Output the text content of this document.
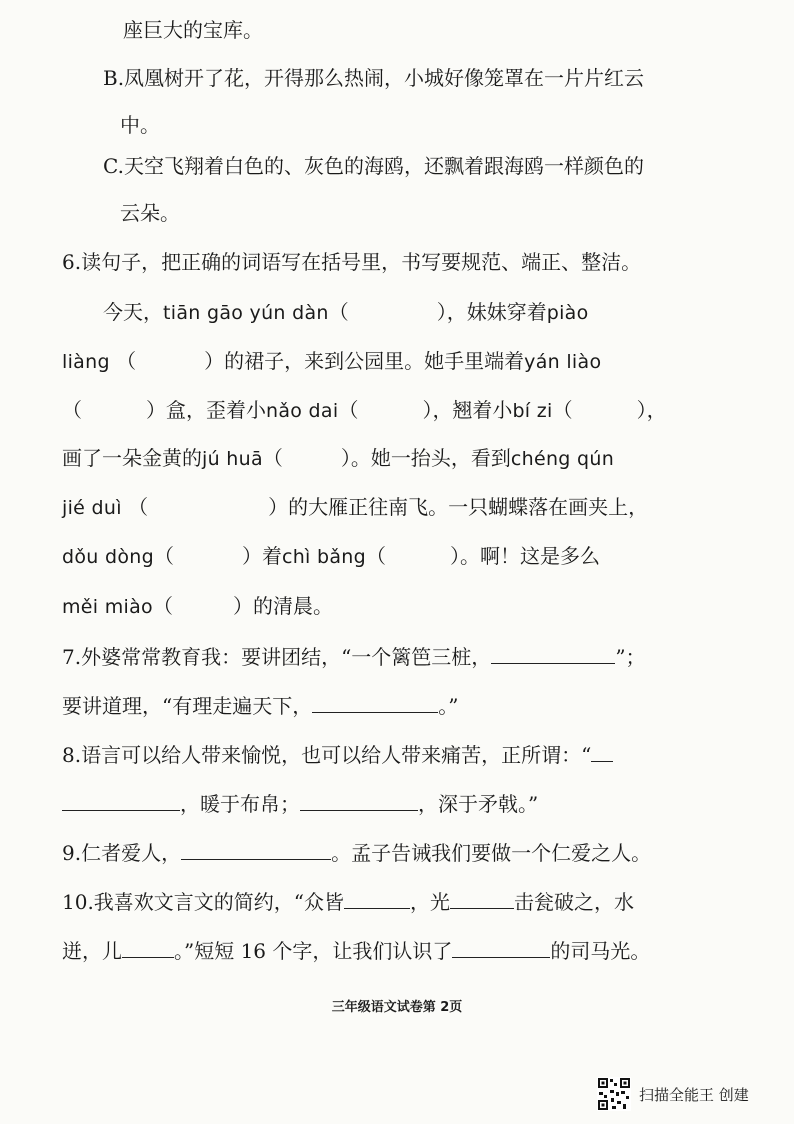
座巨大的宝库。
B.凤凰树开了花，开得那么热闹，小城好像笼罩在一片片红云
中。
C.天空飞翔着白色的、灰色的海鸥，还飘着跟海鸥一样颜色的
云朵。
6.读句子，把正确的词语写在括号里，书写要规范、端正、整洁。
今天，tiān gāo yún dàn（	），妹妹穿着piào
liàng （	）的裙子，来到公园里。她手里端着yán liào
（	）盒，歪着小nǎo dai（	），翘着小bí zi（	），
画了一朵金黄的jú huā（	）。她一抬头，看到chéng qún
jié duì （	）的大雁正往南飞。一只蝴蝶落在画夹上，
dǒu dòng（	）着chì bǎng（	）。啊！这是多么
měi miào（	）的清晨。
7.外婆常常教育我：要讲团结，“一个篱笆三桩，	”；
要讲道理，“有理走遍天下，	。”
8.语言可以给人带来愉悦，也可以给人带来痛苦，正所谓：“
，暖于布帛；	，深于矛戟。”
9.仁者爱人，	。孟子告诫我们要做一个仁爱之人。
10.我喜欢文言文的简约，“众皆	，光	击瓮破之，水
迸，儿	。”短短 16 个字，让我们认识了	的司马光。
三年级语文试卷第 2页
扫描全能王 创建
